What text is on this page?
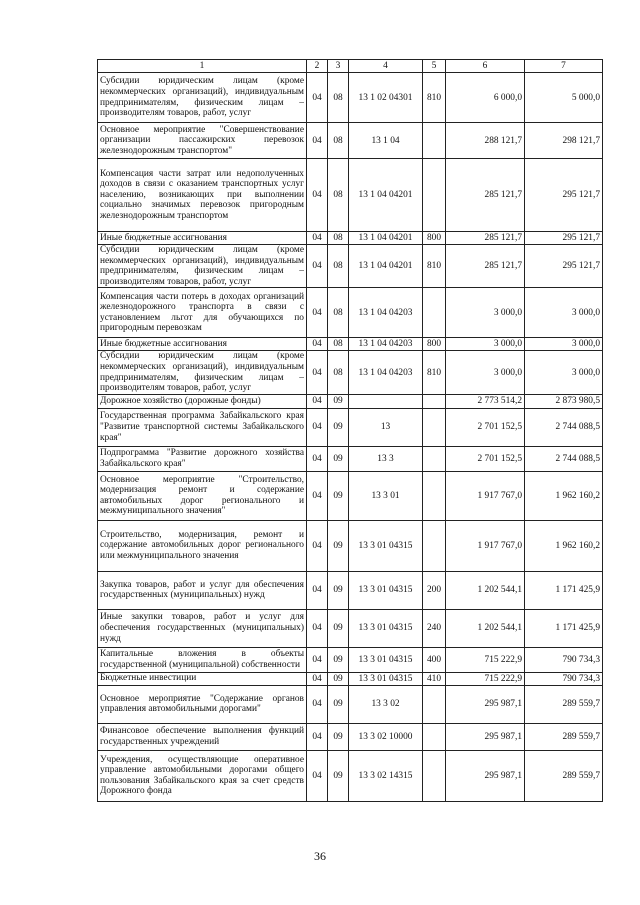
1	2	3	4	5	6	7
Субсидии юридическим лицам (кроме некоммерческих организаций), индивидуальным предпринимателям, физическим лицам – производителям товаров, работ, услуг	04	08	13 1 02 04301	810	6 000,0	5 000,0
Основное мероприятие "Совершенствование организации пассажирских перевозок железнодорожным транспортом"	04	08	13 1 04		288 121,7	298 121,7
Компенсация части затрат или недополученных доходов в связи с оказанием транспортных услуг населению, возникающих при выполнении социально значимых перевозок пригородным железнодорожным транспортом	04	08	13 1 04 04201		285 121,7	295 121,7
Иные бюджетные ассигнования	04	08	13 1 04 04201	800	285 121,7	295 121,7
Субсидии юридическим лицам (кроме некоммерческих организаций), индивидуальным предпринимателям, физическим лицам – производителям товаров, работ, услуг	04	08	13 1 04 04201	810	285 121,7	295 121,7
Компенсация части потерь в доходах организаций железнодорожного транспорта в связи с установлением льгот для обучающихся по пригородным перевозкам	04	08	13 1 04 04203		3 000,0	3 000,0
Иные бюджетные ассигнования	04	08	13 1 04 04203	800	3 000,0	3 000,0
Субсидии юридическим лицам (кроме некоммерческих организаций), индивидуальным предпринимателям, физическим лицам – производителям товаров, работ, услуг	04	08	13 1 04 04203	810	3 000,0	3 000,0
Дорожное хозяйство (дорожные фонды)	04	09			2 773 514,2	2 873 980,5
Государственная программа Забайкальского края "Развитие транспортной системы Забайкальского края"	04	09	13		2 701 152,5	2 744 088,5
Подпрограмма "Развитие дорожного хозяйства Забайкальского края"	04	09	13 3		2 701 152,5	2 744 088,5
Основное мероприятие "Строительство, модернизация ремонт и содержание автомобильных дорог регионального и межмуниципального значения"	04	09	13 3 01		1 917 767,0	1 962 160,2
Строительство, модернизация, ремонт и содержание автомобильных дорог регионального или межмуниципального значения	04	09	13 3 01 04315		1 917 767,0	1 962 160,2
Закупка товаров, работ и услуг для обеспечения государственных (муниципальных) нужд	04	09	13 3 01 04315	200	1 202 544,1	1 171 425,9
Иные закупки товаров, работ и услуг для обеспечения государственных (муниципальных) нужд	04	09	13 3 01 04315	240	1 202 544,1	1 171 425,9
Капитальные вложения в объекты государственной (муниципальной) собственности	04	09	13 3 01 04315	400	715 222,9	790 734,3
Бюджетные инвестиции	04	09	13 3 01 04315	410	715 222,9	790 734,3
Основное мероприятие "Содержание органов управления автомобильными дорогами"	04	09	13 3 02		295 987,1	289 559,7
Финансовое обеспечение выполнения функций государственных учреждений	04	09	13 3 02 10000		295 987,1	289 559,7
Учреждения, осуществляющие оперативное управление автомобильными дорогами общего пользования Забайкальского края за счет средств Дорожного фонда	04	09	13 3 02 14315		295 987,1	289 559,7
36
